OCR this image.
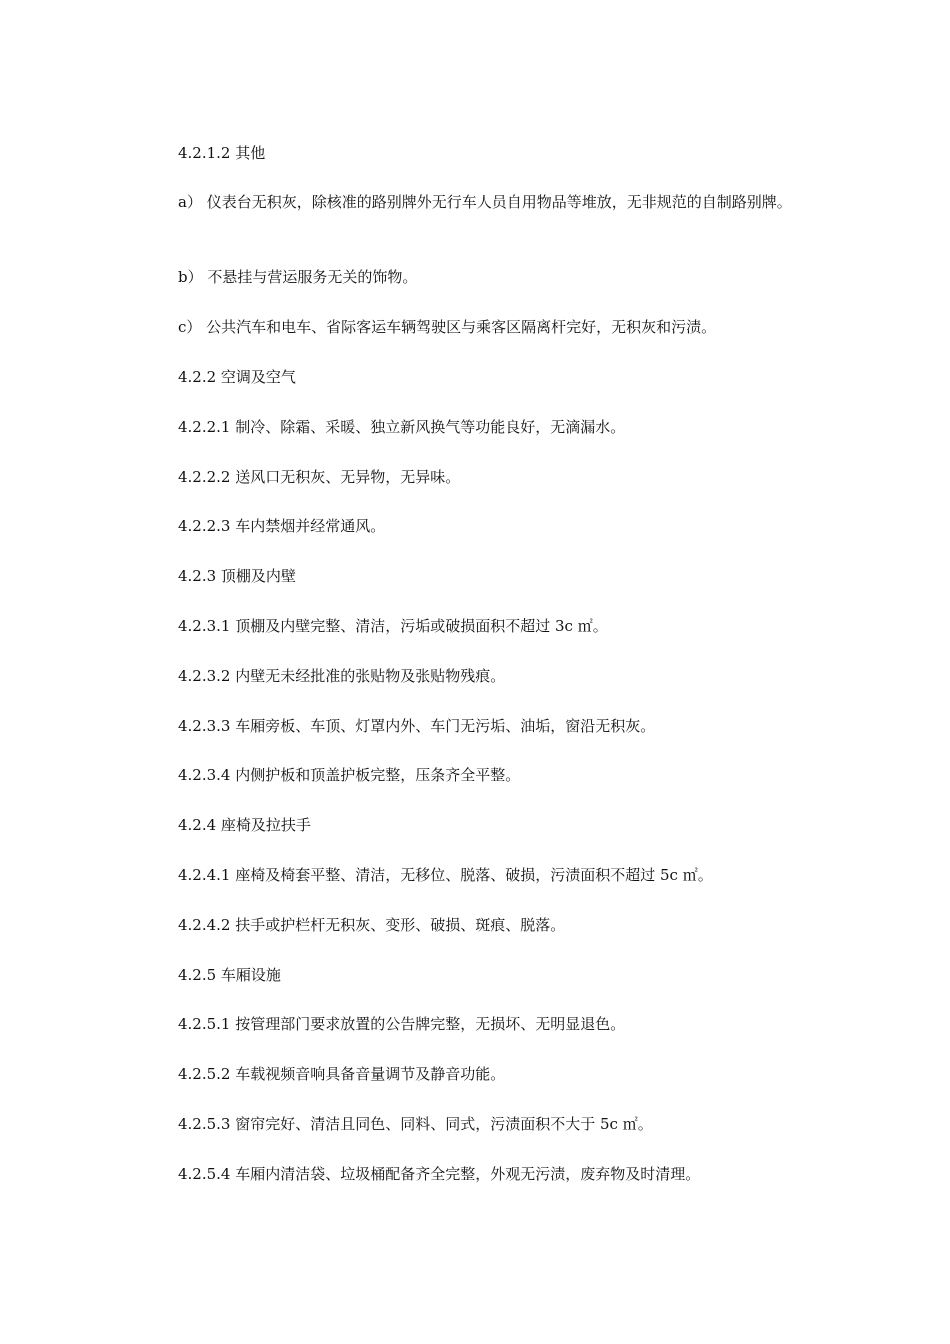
4.2.1.2 其他
a） 仪表台无积灰，除核准的路别牌外无行车人员自用物品等堆放，无非规范的自制路别牌。
b） 不悬挂与营运服务无关的饰物。
c） 公共汽车和电车、省际客运车辆驾驶区与乘客区隔离杆完好，无积灰和污渍。
4.2.2 空调及空气
4.2.2.1 制冷、除霜、采暖、独立新风换气等功能良好，无滴漏水。
4.2.2.2 送风口无积灰、无异物，无异味。
4.2.2.3 车内禁烟并经常通风。
4.2.3 顶棚及内壁
4.2.3.1 顶棚及内壁完整、清洁，污垢或破损面积不超过 3c ㎡。
4.2.3.2 内壁无未经批准的张贴物及张贴物残痕。
4.2.3.3 车厢旁板、车顶、灯罩内外、车门无污垢、油垢，窗沿无积灰。
4.2.3.4 内侧护板和顶盖护板完整，压条齐全平整。
4.2.4 座椅及拉扶手
4.2.4.1 座椅及椅套平整、清洁，无移位、脱落、破损，污渍面积不超过 5c ㎡。
4.2.4.2 扶手或护栏杆无积灰、变形、破损、斑痕、脱落。
4.2.5 车厢设施
4.2.5.1 按管理部门要求放置的公告牌完整，无损坏、无明显退色。
4.2.5.2 车载视频音响具备音量调节及静音功能。
4.2.5.3 窗帘完好、清洁且同色、同料、同式，污渍面积不大于 5c ㎡。
4.2.5.4 车厢内清洁袋、垃圾桶配备齐全完整，外观无污渍，废弃物及时清理。
